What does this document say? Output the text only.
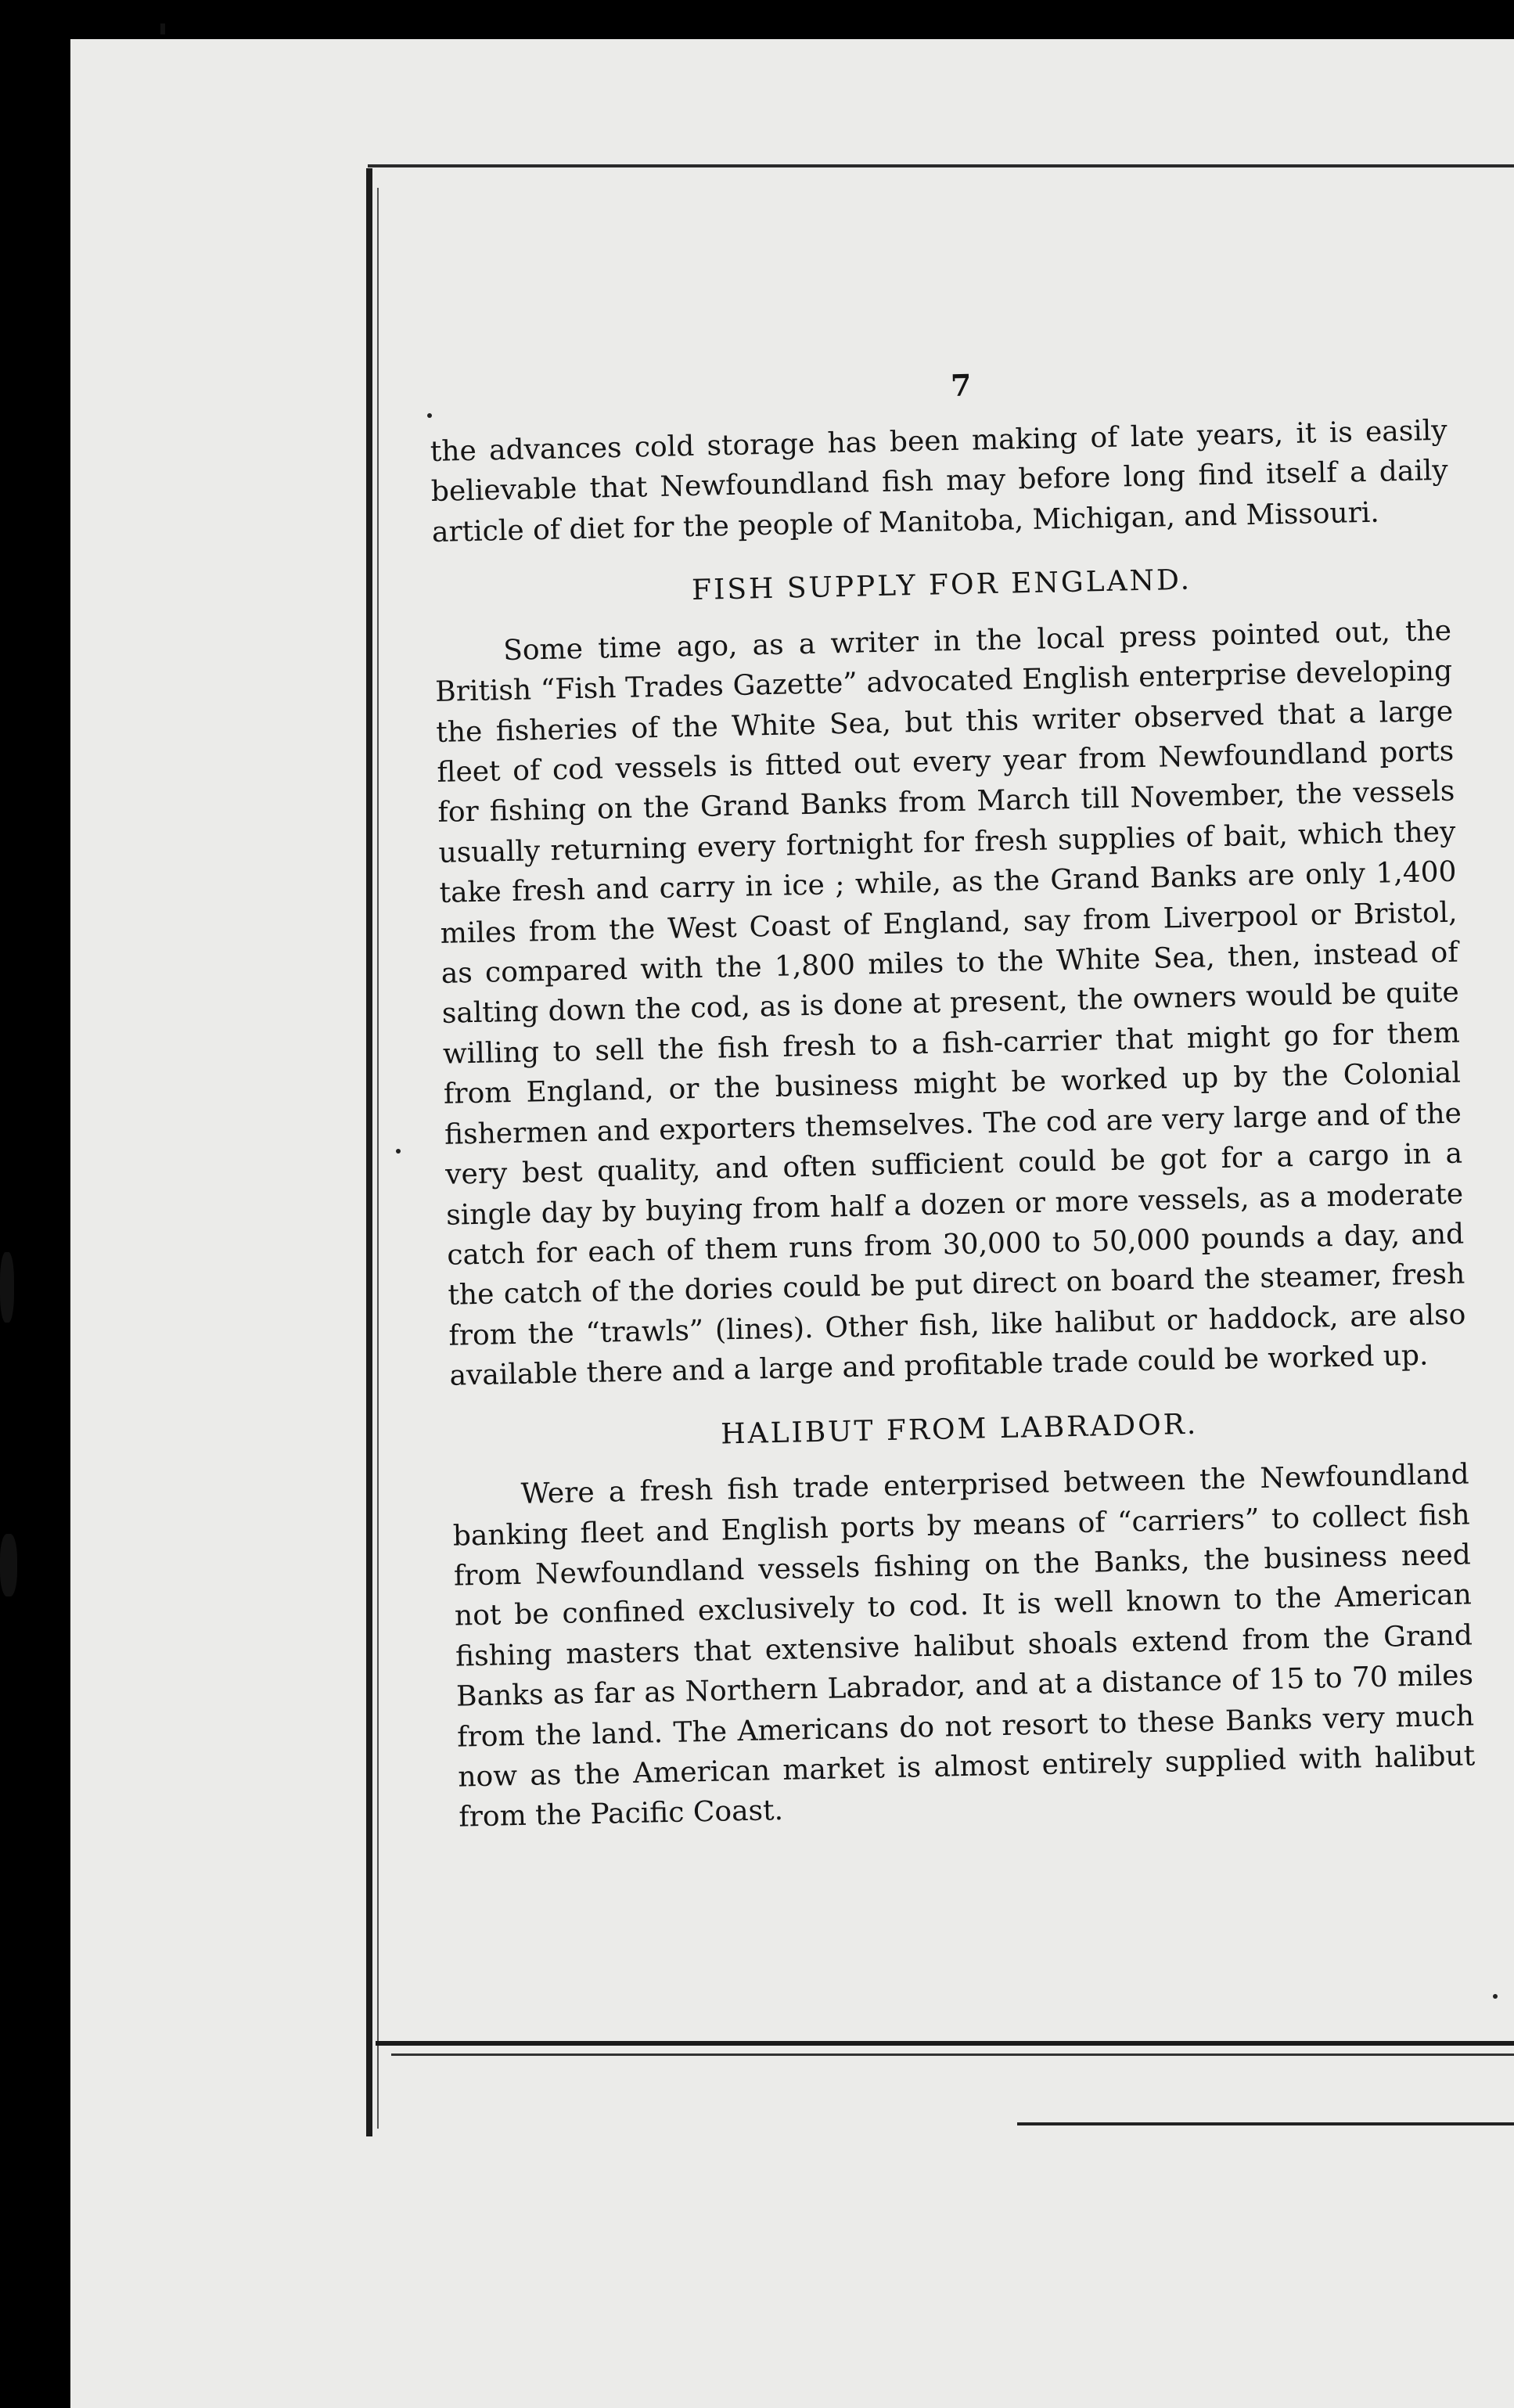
7

the advances cold storage has been making of late years, it is easily believable that Newfoundland fish may before long find itself a daily article of diet for the people of Manitoba, Michigan, and Missouri.

FISH SUPPLY FOR ENGLAND.

Some time ago, as a writer in the local press pointed out, the British “Fish Trades Gazette” advocated English enterprise developing the fisheries of the White Sea, but this writer observed that a large fleet of cod vessels is fitted out every year from Newfoundland ports for fishing on the Grand Banks from March till November, the vessels usually returning every fortnight for fresh supplies of bait, which they take fresh and carry in ice ; while, as the Grand Banks are only 1,400 miles from the West Coast of England, say from Liverpool or Bristol, as compared with the 1,800 miles to the White Sea, then, instead of salting down the cod, as is done at present, the owners would be quite willing to sell the fish fresh to a fish-carrier that might go for them from England, or the business might be worked up by the Colonial fishermen and exporters themselves. The cod are very large and of the very best quality, and often sufficient could be got for a cargo in a single day by buying from half a dozen or more vessels, as a moderate catch for each of them runs from 30,000 to 50,000 pounds a day, and the catch of the dories could be put direct on board the steamer, fresh from the “trawls” (lines). Other fish, like halibut or haddock, are also available there and a large and profitable trade could be worked up.

HALIBUT FROM LABRADOR.

Were a fresh fish trade enterprised between the Newfoundland banking fleet and English ports by means of “carriers” to collect fish from Newfoundland vessels fishing on the Banks, the business need not be confined exclusively to cod. It is well known to the American fishing masters that extensive halibut shoals extend from the Grand Banks as far as Northern Labrador, and at a distance of 15 to 70 miles from the land. The Americans do not resort to these Banks very much now as the American market is almost entirely supplied with halibut from the Pacific Coast.
